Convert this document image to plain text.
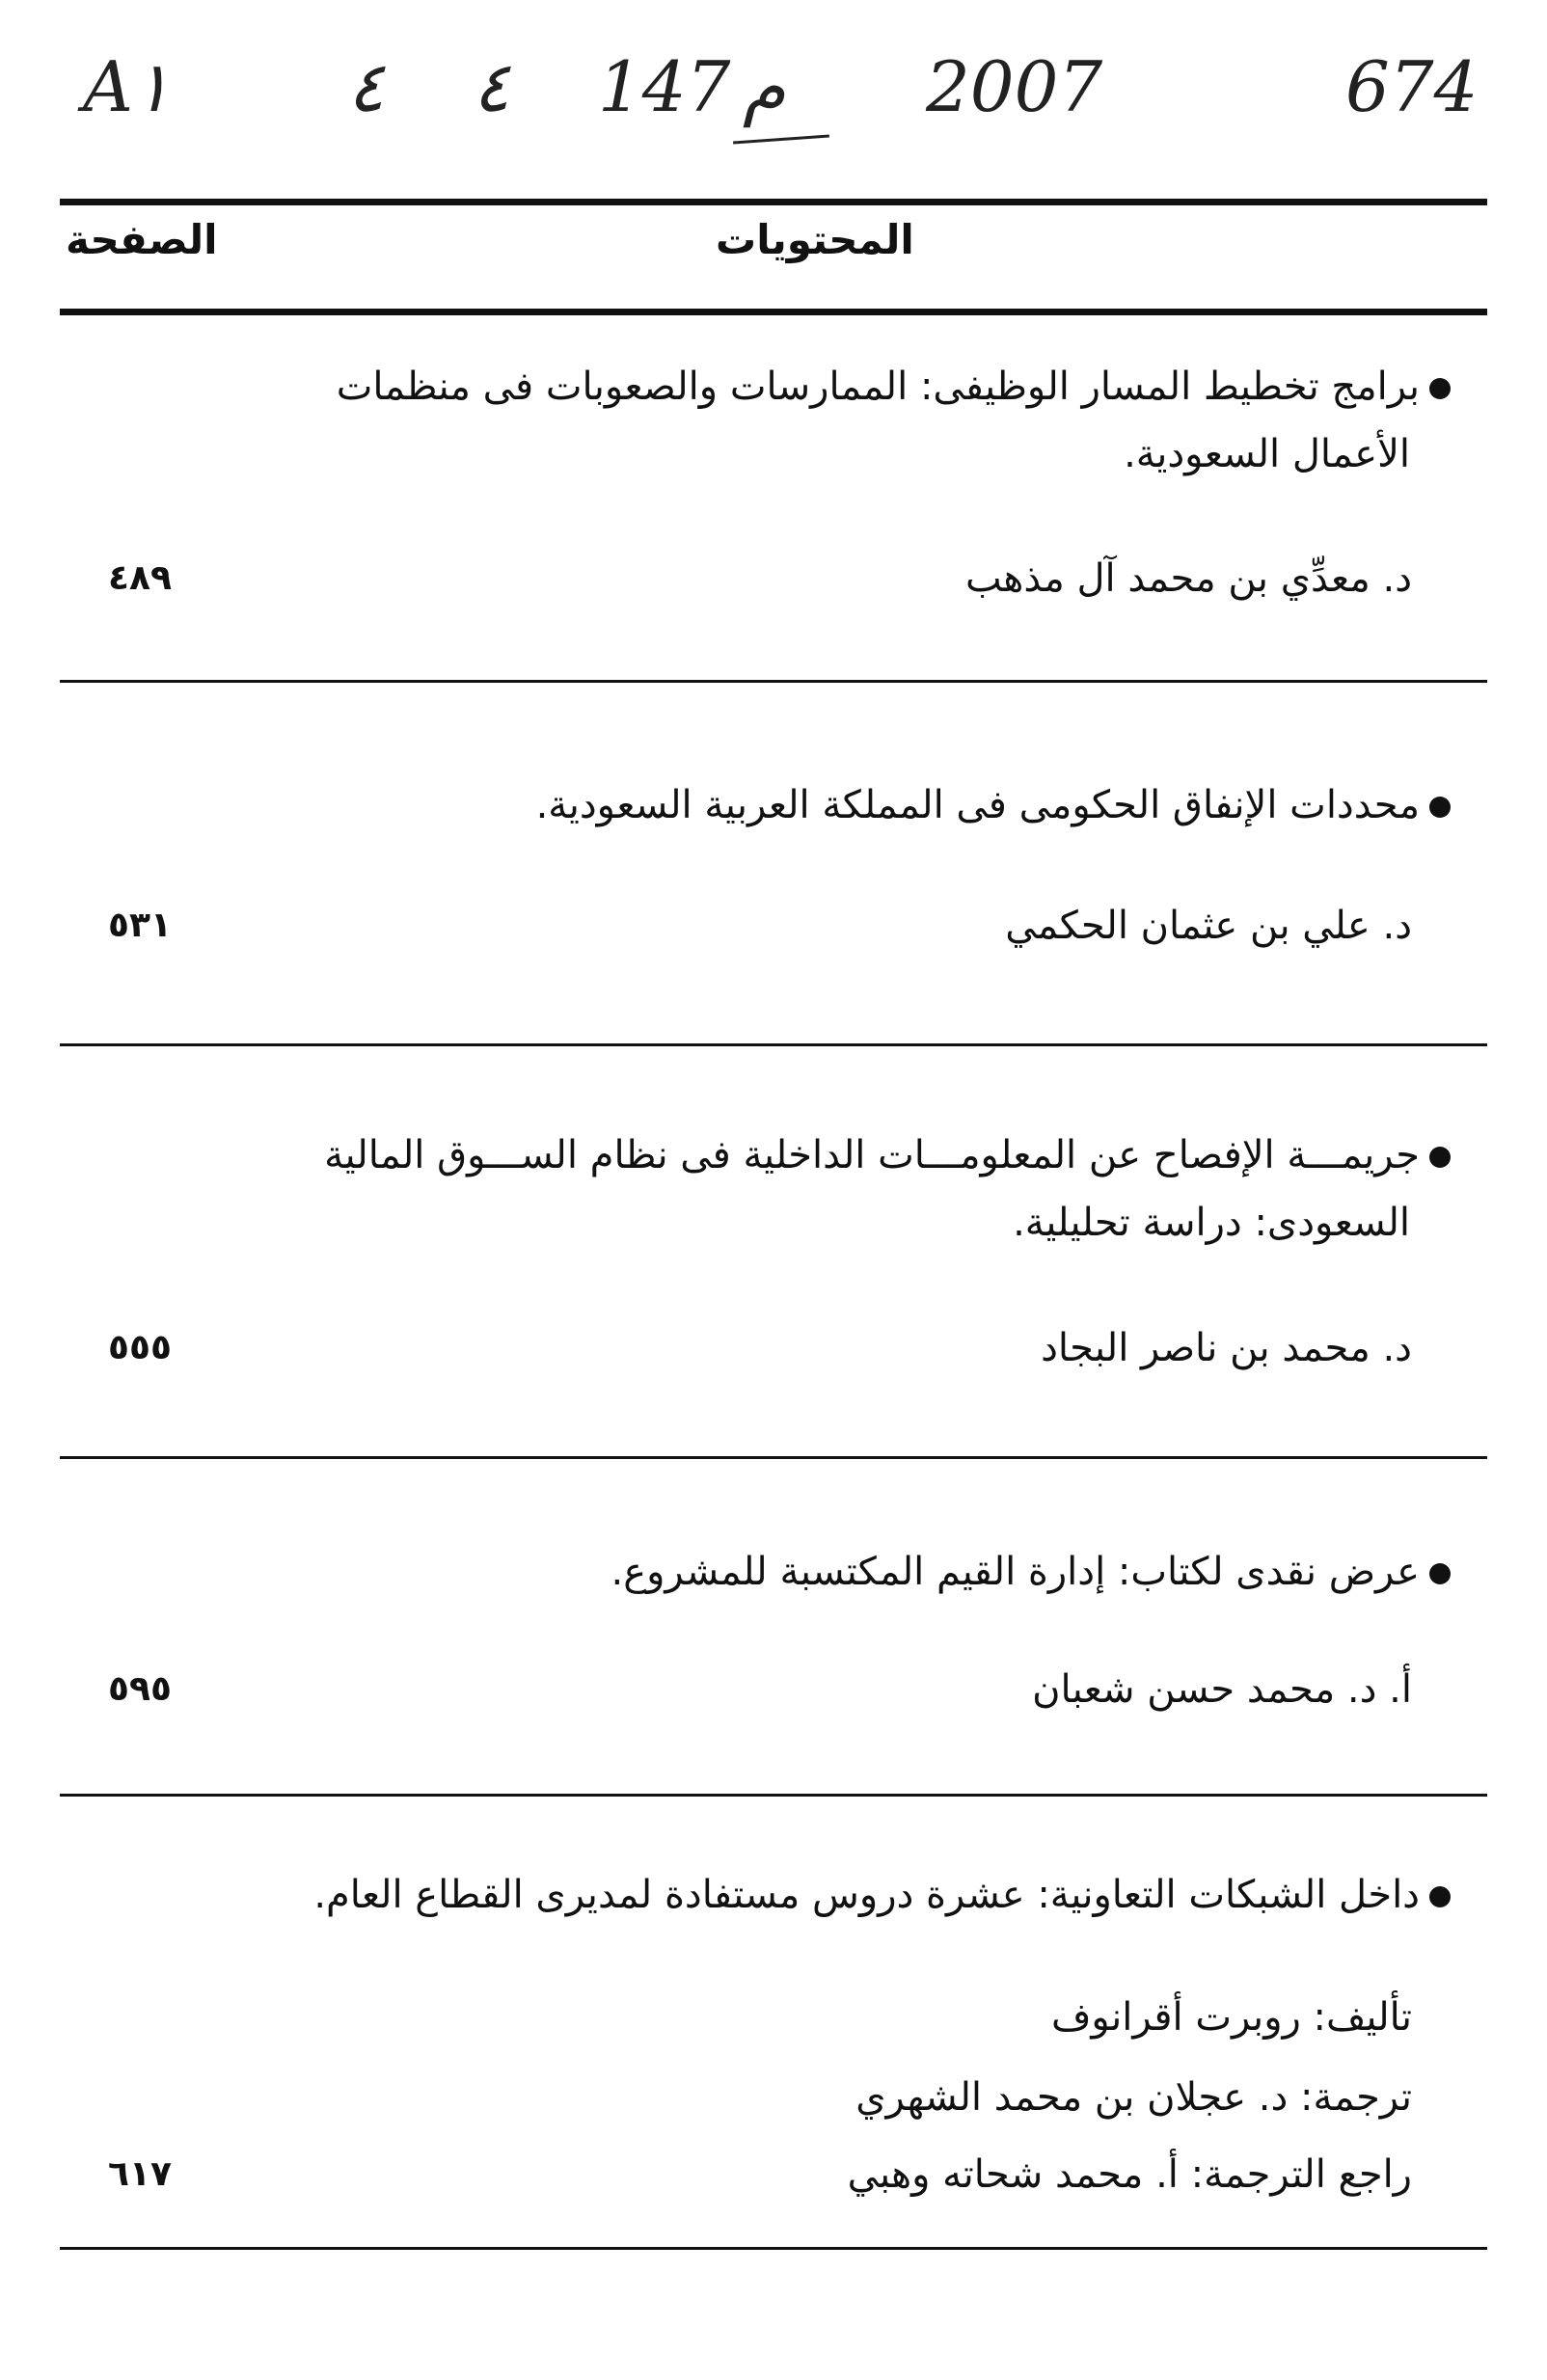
A١	٤ ٤ 147 م 2007	674
المحتويات
الصفحة
برامج تخطيط المسار الوظيفى: الممارسات والصعوبات فى منظمات
الأعمال السعودية.
د. معدِّي بن محمد آل مذهب
٤٨٩
محددات الإنفاق الحكومى فى المملكة العربية السعودية.
د. علي بن عثمان الحكمي
٥٣١
جريمـــة الإفصاح عن المعلومـــات الداخلية فى نظام الســـوق المالية
السعودى: دراسة تحليلية.
د. محمد بن ناصر البجاد
٥٥٥
عرض نقدى لكتاب: إدارة القيم المكتسبة للمشروع.
أ. د. محمد حسن شعبان
٥٩٥
داخل الشبكات التعاونية: عشرة دروس مستفادة لمديرى القطاع العام.
تأليف: روبرت أقرانوف
ترجمة: د. عجلان بن محمد الشهري
راجع الترجمة: أ. محمد شحاته وهبي
٦١٧
